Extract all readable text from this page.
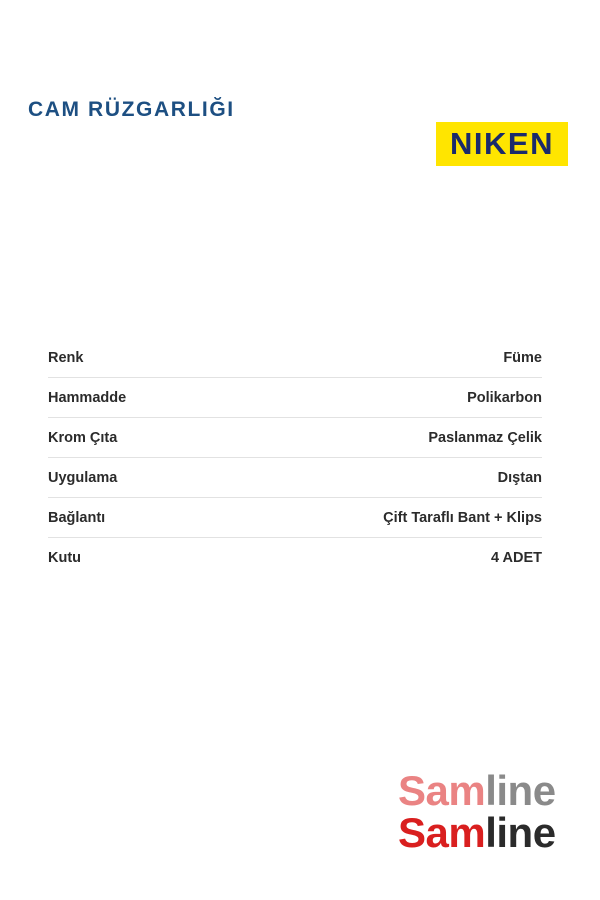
CAM RÜZGARLIĞI
NIKEN
Renk	Füme
Hammadde	Polikarbon
Krom Çıta	Paslanmaz Çelik
Uygulama	Dıştan
Bağlantı	Çift Taraflı Bant + Klips
Kutu	4 ADET
Samline
Samline
